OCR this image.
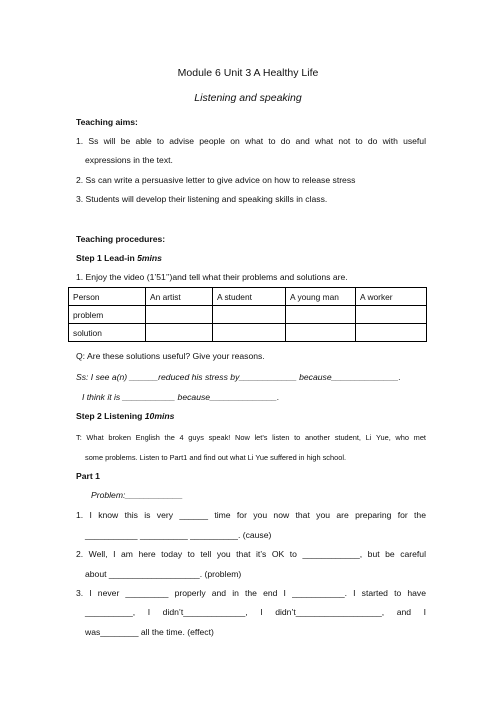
Module 6 Unit 3 A Healthy Life
Listening and speaking
Teaching aims:
1. Ss will be able to advise people on what to do and what not to do with useful
expressions in the text.
2. Ss can write a persuasive letter to give advice on how to release stress
3. Students will develop their listening and speaking skills in class.
Teaching procedures:
Step 1 Lead-in 5mins
1. Enjoy the video (1’51’’)and tell what their problems and solutions are.
Person	An artist	A student	A young man	A worker
problem				
solution				
Q: Are these solutions useful? Give your reasons.
Ss: I see a(n) ______reduced his stress by____________ because______________.
I think it is ___________ because______________.
Step 2 Listening 10mins
T: What broken English the 4 guys speak! Now let’s listen to another student, Li Yue, who met
some problems. Listen to Part1 and find out what Li Yue suffered in high school.
Part 1
Problem:____________
1. I know this is very ______ time for you now that you are preparing for the
___________ __________ __________. (cause)
2. Well, I am here today to tell you that it’s OK to ____________, but be careful
about ___________________. (problem)
3. I never _________ properly and in the end I ___________. I started to have
__________, I didn’t_____________, I didn’t__________________, and I
was________ all the time. (effect)
